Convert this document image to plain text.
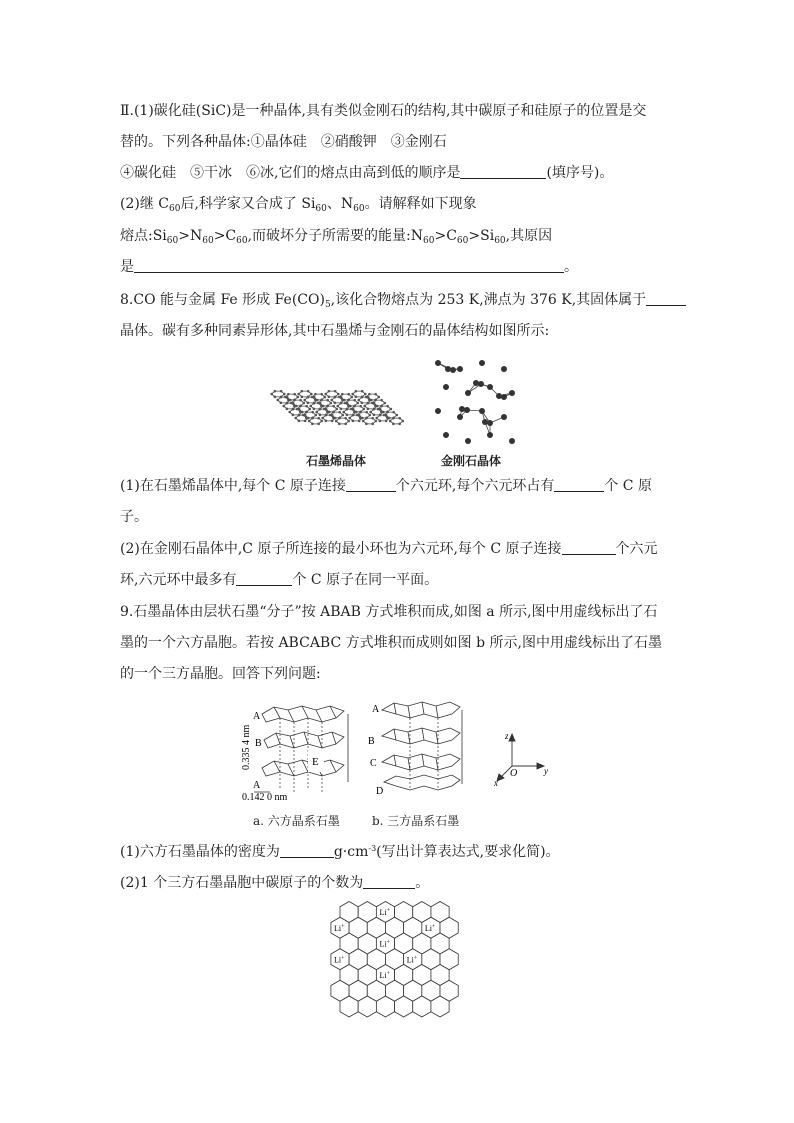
Ⅱ.(1)碳化硅(SiC)是一种晶体,具有类似金刚石的结构,其中碳原子和硅原子的位置是交
替的。下列各种晶体:①晶体硅　②硝酸钾　③金刚石
④碳化硅　⑤干冰　⑥冰,它们的熔点由高到低的顺序是	(填序号)。
(2)继 $C_{60}$后,科学家又合成了 $Si_{60}$、$N_{60}$。请解释如下现象
熔点$:Si_{60}>N_{60}>C_{60}$,而破坏分子所需要的能量$:N_{60}>C_{60}>Si_{60}$,其原因
是	。
8.CO 能与金属 Fe 形成 $Fe(CO)_5$,该化合物熔点为 253 K,沸点为 376 K,其固体属于
晶体。碳有多种同素异形体,其中石墨烯与金刚石的晶体结构如图所示:
石墨烯晶体	金刚石晶体
(1)在石墨烯晶体中,每个 C 原子连接	个六元环,每个六元环占有	个 C 原
子。
(2)在金刚石晶体中,C 原子所连接的最小环也为六元环,每个 C 原子连接	个六元
环,六元环中最多有	个 C 原子在同一平面。
9.石墨晶体由层状石墨“分子”按 ABAB 方式堆积而成,如图 a 所示,图中用虚线标出了石
墨的一个六方晶胞。若按 ABCABC 方式堆积而成则如图 b 所示,图中用虚线标出了石墨
的一个三方晶胞。回答下列问题:
E
A
B
A
0.335 4 nm
0.142 0 nm
a. 六方晶系石墨
A
B
C
D
b. 三方晶系石墨
z
y
x
O
(1)六方石墨晶体的密度为	$g\cdot cm^{-3}$(写出计算表达式,要求化简)。
(2)1 个三方石墨晶胞中碳原子的个数为	。
Li+
Li+	Li+
Li+
Li+	Li+
Li+
